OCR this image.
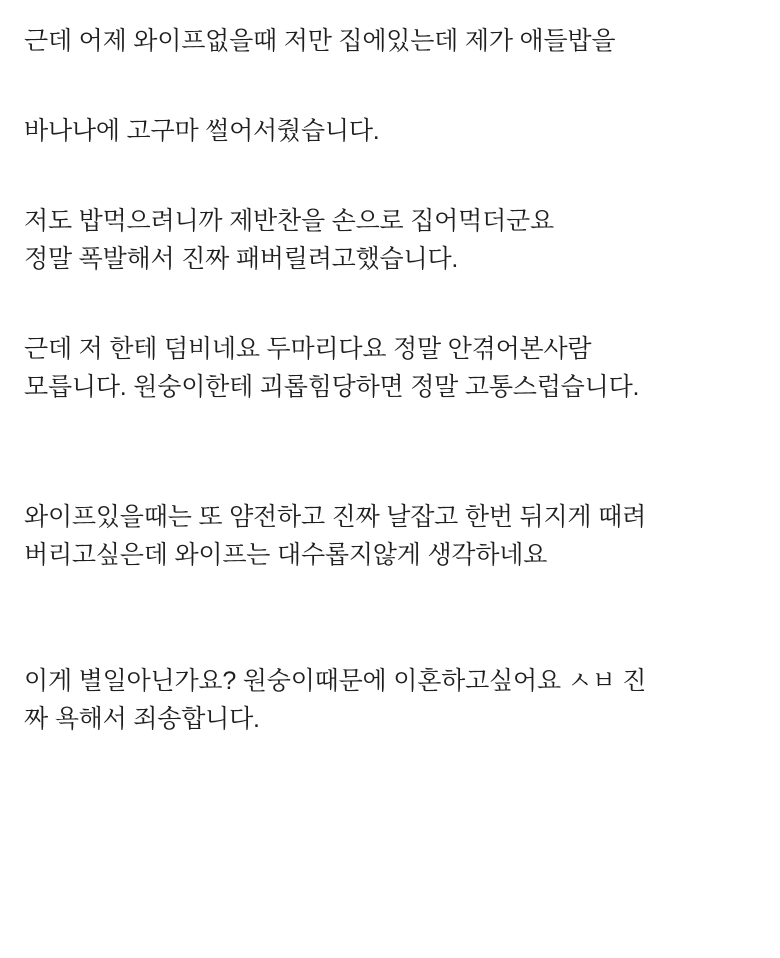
근데 어제 와이프없을때 저만 집에있는데 제가 애들밥을
바나나에 고구마 썰어서줬습니다.
저도 밥먹으려니까 제반찬을 손으로 집어먹더군요
정말 폭발해서 진짜 패버릴려고했습니다.
근데 저 한테 덤비네요 두마리다요 정말 안겪어본사람
모릅니다. 원숭이한테 괴롭힘당하면 정말 고통스럽습니다.
와이프있을때는 또 얌전하고 진짜 날잡고 한번 뒤지게 때려
버리고싶은데 와이프는 대수롭지않게 생각하네요
이게 별일아닌가요? 원숭이때문에 이혼하고싶어요 ㅅㅂ 진
짜 욕해서 죄송합니다.
